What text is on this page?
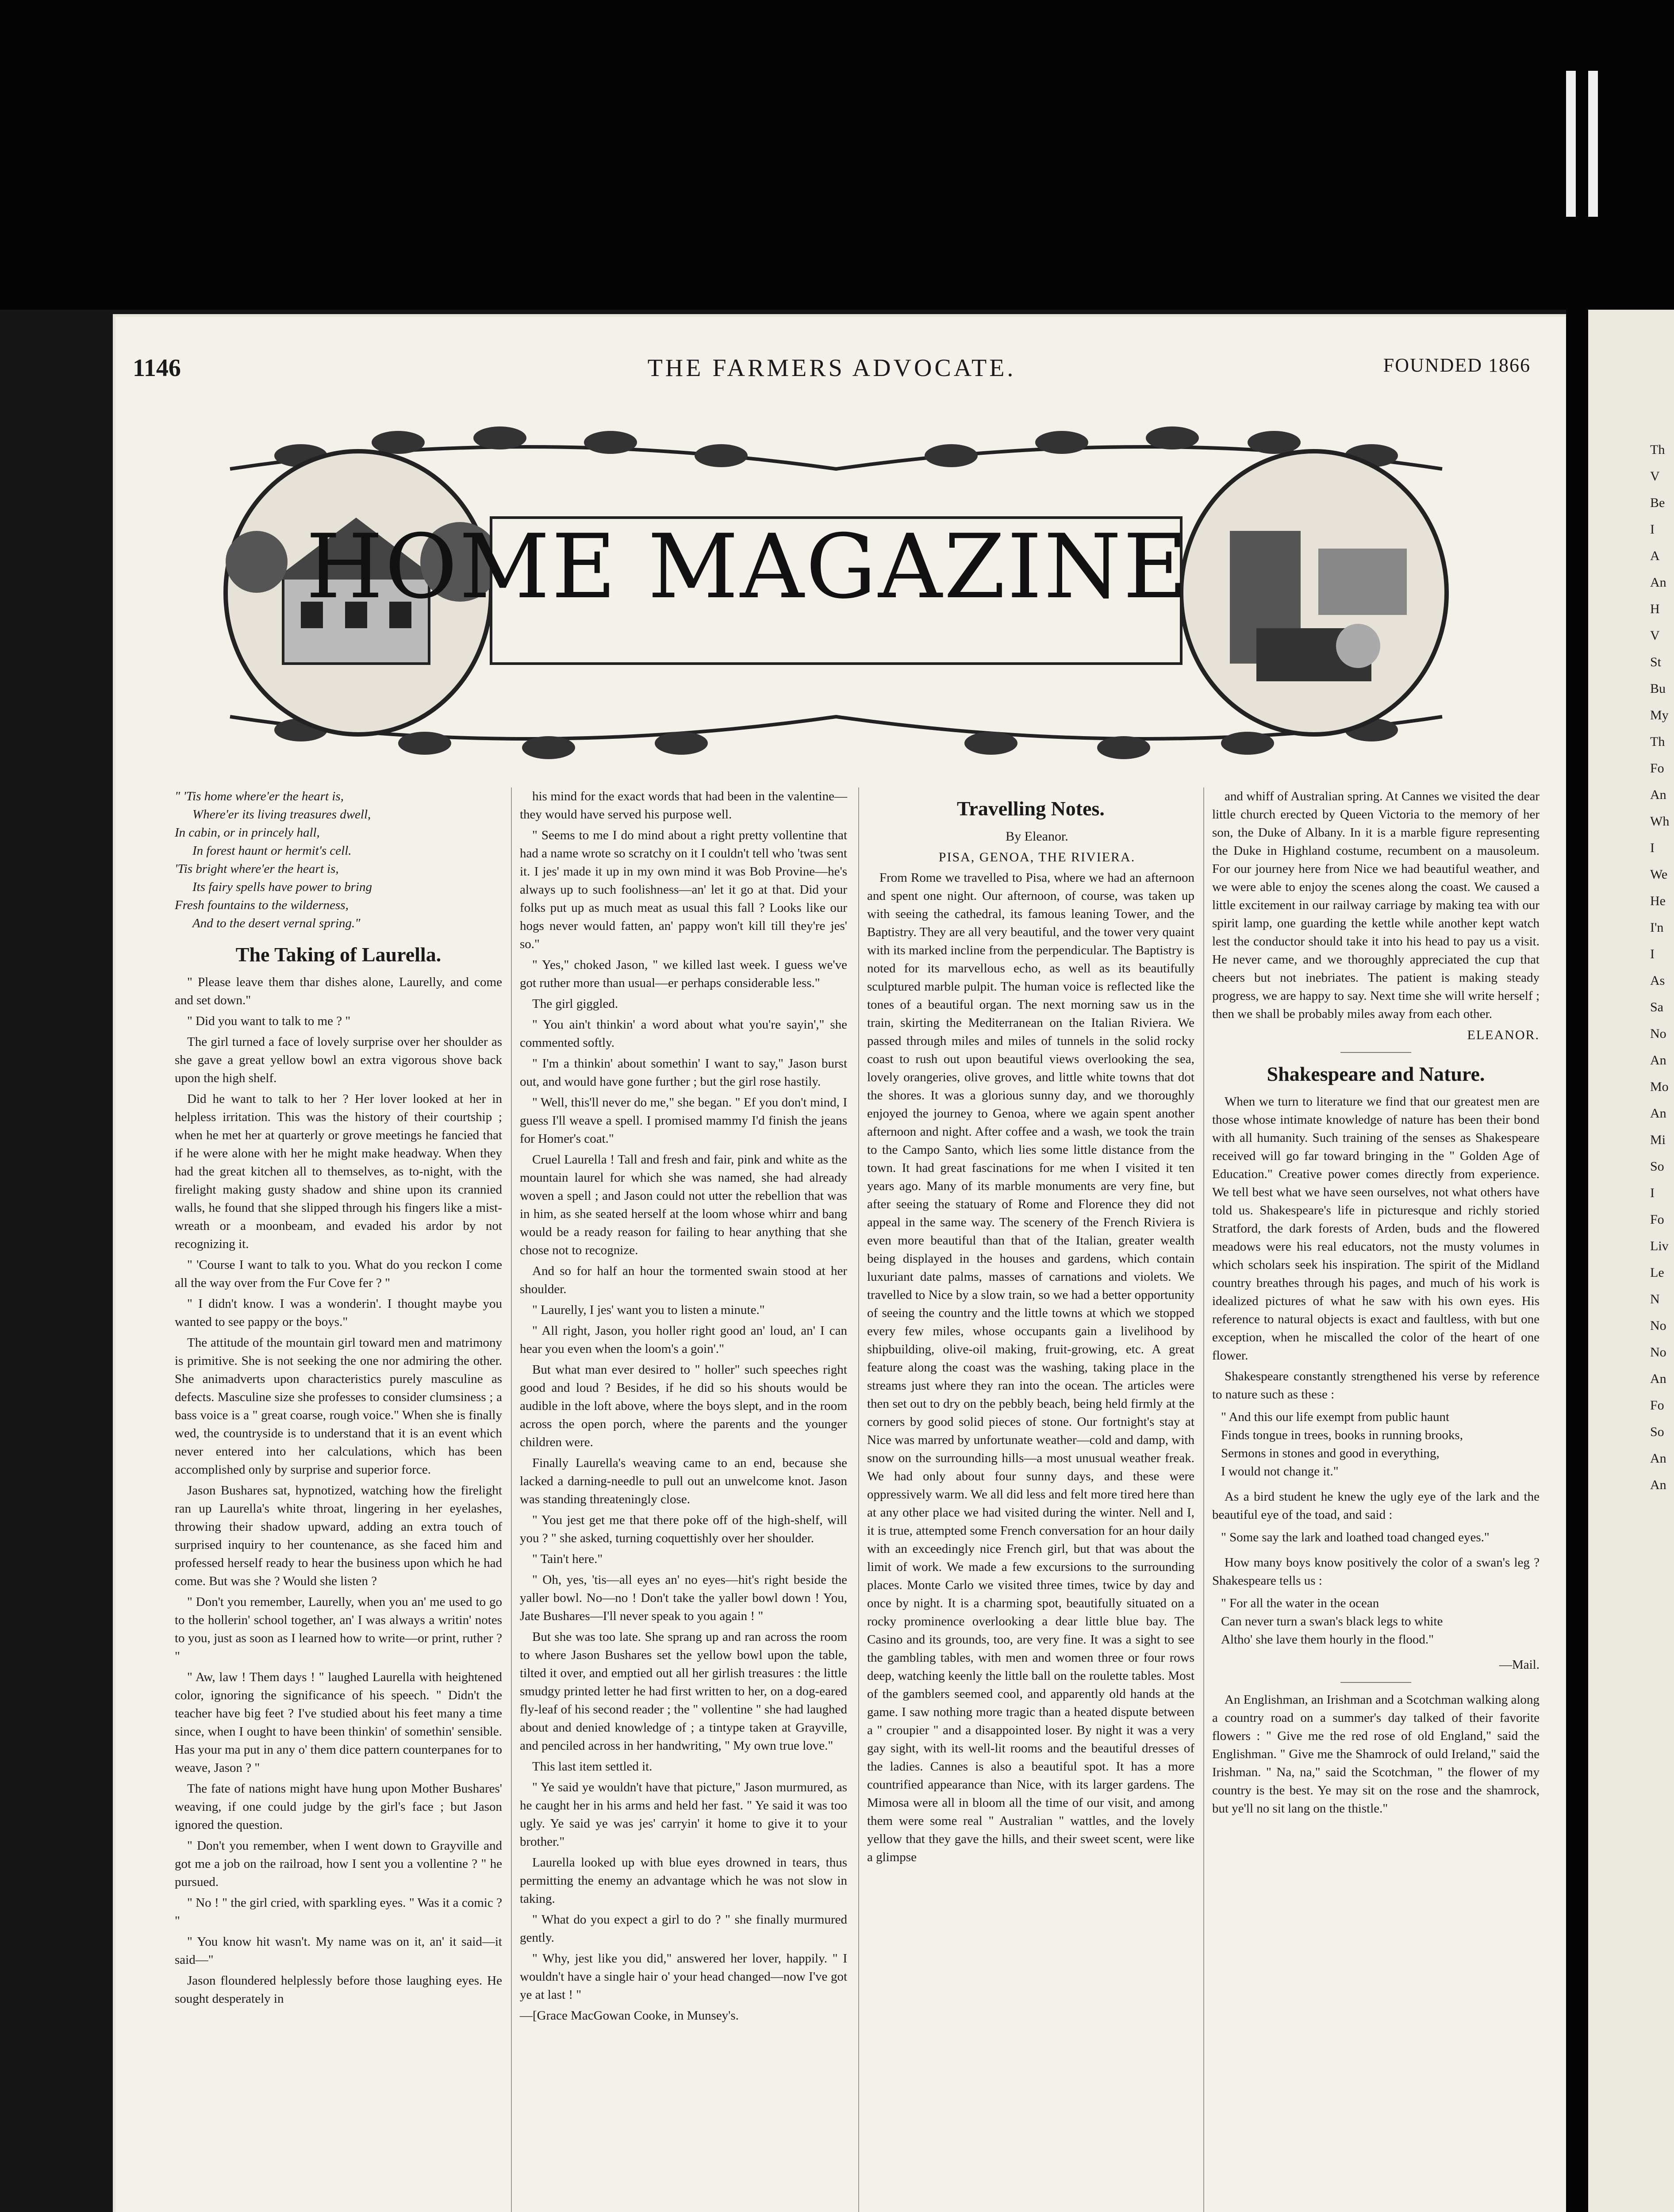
Th
V
Be
I
A
An
H
V
St
Bu
My
Th
Fo
An
Wh
I
We
He
I'n
I
As
Sa
No
An
Mo
An
Mi
So
I
Fo
Liv
Le
N
No
No
An
Fo
So
An
An
1146	THE FARMERS ADVOCATE.	FOUNDED 1866
HOME MAGAZINE
" 'Tis home where'er the heart is,
Where'er its living treasures dwell,
In cabin, or in princely hall,
In forest haunt or hermit's cell.
'Tis bright where'er the heart is,
Its fairy spells have power to bring
Fresh fountains to the wilderness,
And to the desert vernal spring."
The Taking of Laurella.

" Please leave them thar dishes alone, Laurelly, and come and set down."

" Did you want to talk to me ? "

The girl turned a face of lovely surprise over her shoulder as she gave a great yellow bowl an extra vigorous shove back upon the high shelf.

Did he want to talk to her ? Her lover looked at her in helpless irritation. This was the history of their courtship ; when he met her at quarterly or grove meetings he fancied that if he were alone with her he might make headway. When they had the great kitchen all to themselves, as to-night, with the firelight making gusty shadow and shine upon its crannied walls, he found that she slipped through his fingers like a mist-wreath or a moonbeam, and evaded his ardor by not recognizing it.

" 'Course I want to talk to you. What do you reckon I come all the way over from the Fur Cove fer ? "

" I didn't know. I was a wonderin'. I thought maybe you wanted to see pappy or the boys."

The attitude of the mountain girl toward men and matrimony is primitive. She is not seeking the one nor admiring the other. She animadverts upon characteristics purely masculine as defects. Masculine size she professes to consider clumsiness ; a bass voice is a " great coarse, rough voice." When she is finally wed, the countryside is to understand that it is an event which never entered into her calculations, which has been accomplished only by surprise and superior force.

Jason Bushares sat, hypnotized, watching how the firelight ran up Laurella's white throat, lingering in her eyelashes, throwing their shadow upward, adding an extra touch of surprised inquiry to her countenance, as she faced him and professed herself ready to hear the business upon which he had come. But was she ? Would she listen ?

" Don't you remember, Laurelly, when you an' me used to go to the hollerin' school together, an' I was always a writin' notes to you, just as soon as I learned how to write—or print, ruther ? "

" Aw, law ! Them days ! " laughed Laurella with heightened color, ignoring the significance of his speech. " Didn't the teacher have big feet ? I've studied about his feet many a time since, when I ought to have been thinkin' of somethin' sensible. Has your ma put in any o' them dice pattern counterpanes for to weave, Jason ? "

The fate of nations might have hung upon Mother Bushares' weaving, if one could judge by the girl's face ; but Jason ignored the question.

" Don't you remember, when I went down to Grayville and got me a job on the railroad, how I sent you a vollentine ? " he pursued.

" No ! " the girl cried, with sparkling eyes. " Was it a comic ? "

" You know hit wasn't. My name was on it, an' it said—it said—"

Jason floundered helplessly before those laughing eyes. He sought desperately in

his mind for the exact words that had been in the valentine—they would have served his purpose well.

" Seems to me I do mind about a right pretty vollentine that had a name wrote so scratchy on it I couldn't tell who 'twas sent it. I jes' made it up in my own mind it was Bob Provine—he's always up to such foolishness—an' let it go at that. Did your folks put up as much meat as usual this fall ? Looks like our hogs never would fatten, an' pappy won't kill till they're jes' so."

" Yes," choked Jason, " we killed last week. I guess we've got ruther more than usual—er perhaps considerable less."

The girl giggled.

" You ain't thinkin' a word about what you're sayin'," she commented softly.

" I'm a thinkin' about somethin' I want to say," Jason burst out, and would have gone further ; but the girl rose hastily.

" Well, this'll never do me," she began. " Ef you don't mind, I guess I'll weave a spell. I promised mammy I'd finish the jeans for Homer's coat."

Cruel Laurella ! Tall and fresh and fair, pink and white as the mountain laurel for which she was named, she had already woven a spell ; and Jason could not utter the rebellion that was in him, as she seated herself at the loom whose whirr and bang would be a ready reason for failing to hear anything that she chose not to recognize.

And so for half an hour the tormented swain stood at her shoulder.

" Laurelly, I jes' want you to listen a minute."

" All right, Jason, you holler right good an' loud, an' I can hear you even when the loom's a goin'."

But what man ever desired to " holler" such speeches right good and loud ? Besides, if he did so his shouts would be audible in the loft above, where the boys slept, and in the room across the open porch, where the parents and the younger children were.

Finally Laurella's weaving came to an end, because she lacked a darning-needle to pull out an unwelcome knot. Jason was standing threateningly close.

" You jest get me that there poke off of the high-shelf, will you ? " she asked, turning coquettishly over her shoulder.

" Tain't here."

" Oh, yes, 'tis—all eyes an' no eyes—hit's right beside the yaller bowl. No—no ! Don't take the yaller bowl down ! You, Jate Bushares—I'll never speak to you again ! "

But she was too late. She sprang up and ran across the room to where Jason Bushares set the yellow bowl upon the table, tilted it over, and emptied out all her girlish treasures : the little smudgy printed letter he had first written to her, on a dog-eared fly-leaf of his second reader ; the " vollentine " she had laughed about and denied knowledge of ; a tintype taken at Grayville, and penciled across in her handwriting, " My own true love."

This last item settled it.

" Ye said ye wouldn't have that picture," Jason murmured, as he caught her in his arms and held her fast. " Ye said it was too ugly. Ye said ye was jes' carryin' it home to give it to your brother."

Laurella looked up with blue eyes drowned in tears, thus permitting the enemy an advantage which he was not slow in taking.

" What do you expect a girl to do ? " she finally murmured gently.

" Why, jest like you did," answered her lover, happily. " I wouldn't have a single hair o' your head changed—now I've got ye at last ! "

—[Grace MacGowan Cooke, in Munsey's.

Travelling Notes.

By Eleanor.

PISA, GENOA, THE RIVIERA.

From Rome we travelled to Pisa, where we had an afternoon and spent one night. Our afternoon, of course, was taken up with seeing the cathedral, its famous leaning Tower, and the Baptistry. They are all very beautiful, and the tower very quaint with its marked incline from the perpendicular. The Baptistry is noted for its marvellous echo, as well as its beautifully sculptured marble pulpit. The human voice is reflected like the tones of a beautiful organ. The next morning saw us in the train, skirting the Mediterranean on the Italian Riviera. We passed through miles and miles of tunnels in the solid rocky coast to rush out upon beautiful views overlooking the sea, lovely orangeries, olive groves, and little white towns that dot the shores. It was a glorious sunny day, and we thoroughly enjoyed the journey to Genoa, where we again spent another afternoon and night. After coffee and a wash, we took the train to the Campo Santo, which lies some little distance from the town. It had great fascinations for me when I visited it ten years ago. Many of its marble monuments are very fine, but after seeing the statuary of Rome and Florence they did not appeal in the same way. The scenery of the French Riviera is even more beautiful than that of the Italian, greater wealth being displayed in the houses and gardens, which contain luxuriant date palms, masses of carnations and violets. We travelled to Nice by a slow train, so we had a better opportunity of seeing the country and the little towns at which we stopped every few miles, whose occupants gain a livelihood by shipbuilding, olive-oil making, fruit-growing, etc. A great feature along the coast was the washing, taking place in the streams just where they ran into the ocean. The articles were then set out to dry on the pebbly beach, being held firmly at the corners by good solid pieces of stone. Our fortnight's stay at Nice was marred by unfortunate weather—cold and damp, with snow on the surrounding hills—a most unusual weather freak. We had only about four sunny days, and these were oppressively warm. We all did less and felt more tired here than at any other place we had visited during the winter. Nell and I, it is true, attempted some French conversation for an hour daily with an exceedingly nice French girl, but that was about the limit of work. We made a few excursions to the surrounding places. Monte Carlo we visited three times, twice by day and once by night. It is a charming spot, beautifully situated on a rocky prominence overlooking a dear little blue bay. The Casino and its grounds, too, are very fine. It was a sight to see the gambling tables, with men and women three or four rows deep, watching keenly the little ball on the roulette tables. Most of the gamblers seemed cool, and apparently old hands at the game. I saw nothing more tragic than a heated dispute between a " croupier " and a disappointed loser. By night it was a very gay sight, with its well-lit rooms and the beautiful dresses of the ladies. Cannes is also a beautiful spot. It has a more countrified appearance than Nice, with its larger gardens. The Mimosa were all in bloom all the time of our visit, and among them were some real " Australian " wattles, and the lovely yellow that they gave the hills, and their sweet scent, were like a glimpse

and whiff of Australian spring. At Cannes we visited the dear little church erected by Queen Victoria to the memory of her son, the Duke of Albany. In it is a marble figure representing the Duke in Highland costume, recumbent on a mausoleum. For our journey here from Nice we had beautiful weather, and we were able to enjoy the scenes along the coast. We caused a little excitement in our railway carriage by making tea with our spirit lamp, one guarding the kettle while another kept watch lest the conductor should take it into his head to pay us a visit. He never came, and we thoroughly appreciated the cup that cheers but not inebriates. The patient is making steady progress, we are happy to say. Next time she will write herself ; then we shall be probably miles away from each other.

ELEANOR.

Shakespeare and Nature.

When we turn to literature we find that our greatest men are those whose intimate knowledge of nature has been their bond with all humanity. Such training of the senses as Shakespeare received will go far toward bringing in the " Golden Age of Education." Creative power comes directly from experience. We tell best what we have seen ourselves, not what others have told us. Shakespeare's life in picturesque and richly storied Stratford, the dark forests of Arden, buds and the flowered meadows were his real educators, not the musty volumes in which scholars seek his inspiration. The spirit of the Midland country breathes through his pages, and much of his work is idealized pictures of what he saw with his own eyes. His reference to natural objects is exact and faultless, with but one exception, when he miscalled the color of the heart of one flower.

Shakespeare constantly strengthened his verse by reference to nature such as these :

" And this our life exempt from public haunt
Finds tongue in trees, books in running brooks,
Sermons in stones and good in everything,
I would not change it."

As a bird student he knew the ugly eye of the lark and the beautiful eye of the toad, and said :

" Some say the lark and loathed toad changed eyes."

How many boys know positively the color of a swan's leg ? Shakespeare tells us :

" For all the water in the ocean
Can never turn a swan's black legs to white
Altho' she lave them hourly in the flood."

—Mail.

An Englishman, an Irishman and a Scotchman walking along a country road on a summer's day talked of their favorite flowers : " Give me the red rose of old England," said the Englishman. " Give me the Shamrock of ould Ireland," said the Irishman. " Na, na," said the Scotchman, " the flower of my country is the best. Ye may sit on the rose and the shamrock, but ye'll no sit lang on the thistle."
